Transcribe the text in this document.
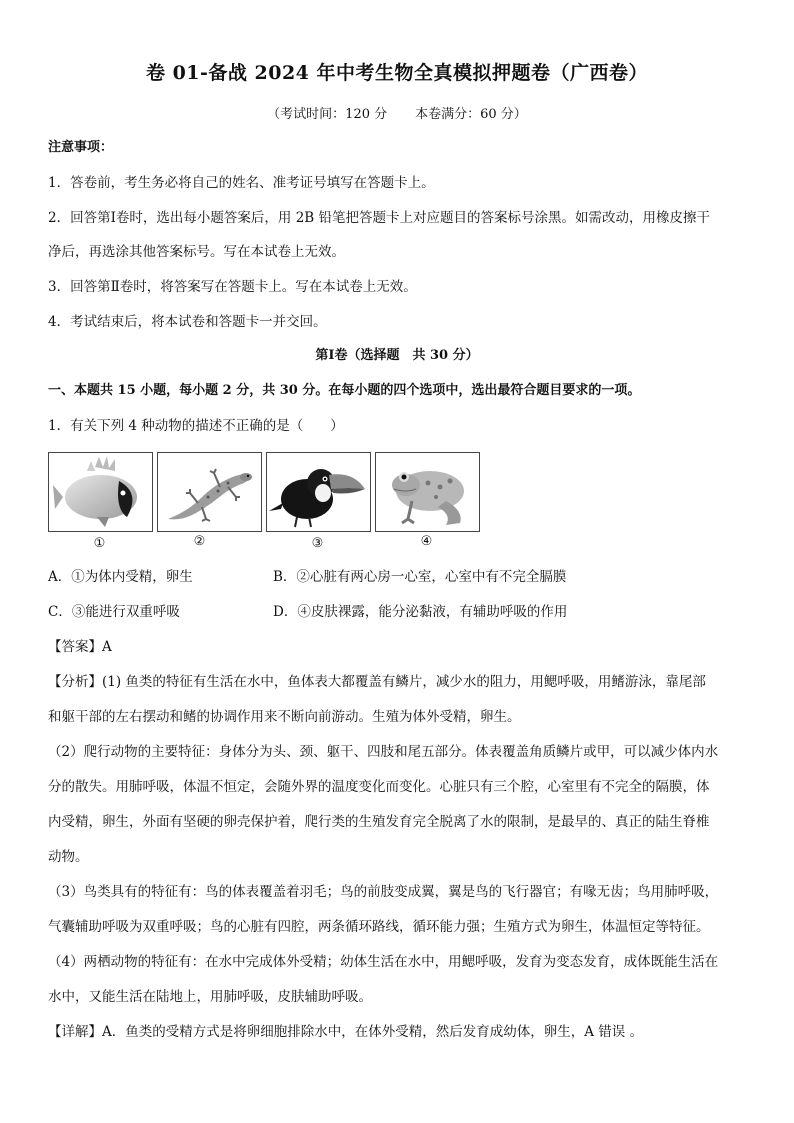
卷 01-备战 2024 年中考生物全真模拟押题卷（广西卷）
（考试时间：120 分 本卷满分：60 分）
注意事项：
1．答卷前，考生务必将自己的姓名、准考证号填写在答题卡上。
2．回答第Ⅰ卷时，选出每小题答案后，用 2B 铅笔把答题卡上对应题目的答案标号涂黑。如需改动，用橡皮擦干
净后，再选涂其他答案标号。写在本试卷上无效。
3．回答第Ⅱ卷时，将答案写在答题卡上。写在本试卷上无效。
4．考试结束后，将本试卷和答题卡一并交回。
第Ⅰ卷（选择题　共 30 分）
一、本题共 15 小题，每小题 2 分，共 30 分。在每小题的四个选项中，选出最符合题目要求的一项。
1．有关下列 4 种动物的描述不正确的是（　　）
①	②	③	④
A．①为体内受精，卵生	B．②心脏有两心房一心室，心室中有不完全膈膜
C．③能进行双重呼吸	D．④皮肤裸露，能分泌黏液，有辅助呼吸的作用
【答案】A
【分析】(1) 鱼类的特征有生活在水中，鱼体表大都覆盖有鳞片，减少水的阻力，用鳃呼吸，用鳍游泳，靠尾部
和躯干部的左右摆动和鳍的协调作用来不断向前游动。生殖为体外受精，卵生。
（2）爬行动物的主要特征：身体分为头、颈、躯干、四肢和尾五部分。体表覆盖角质鳞片或甲，可以减少体内水
分的散失。用肺呼吸，体温不恒定，会随外界的温度变化而变化。心脏只有三个腔，心室里有不完全的隔膜，体
内受精，卵生，外面有坚硬的卵壳保护着，爬行类的生殖发育完全脱离了水的限制，是最早的、真正的陆生脊椎
动物。
（3）鸟类具有的特征有：鸟的体表覆盖着羽毛；鸟的前肢变成翼，翼是鸟的飞行器官；有喙无齿；鸟用肺呼吸，
气囊辅助呼吸为双重呼吸；鸟的心脏有四腔，两条循环路线，循环能力强；生殖方式为卵生，体温恒定等特征。
（4）两栖动物的特征有：在水中完成体外受精；幼体生活在水中，用鳃呼吸，发育为变态发育，成体既能生活在
水中，又能生活在陆地上，用肺呼吸，皮肤辅助呼吸。
【详解】A．鱼类的受精方式是将卵细胞排除水中，在体外受精，然后发育成幼体，卵生，A 错误 。
